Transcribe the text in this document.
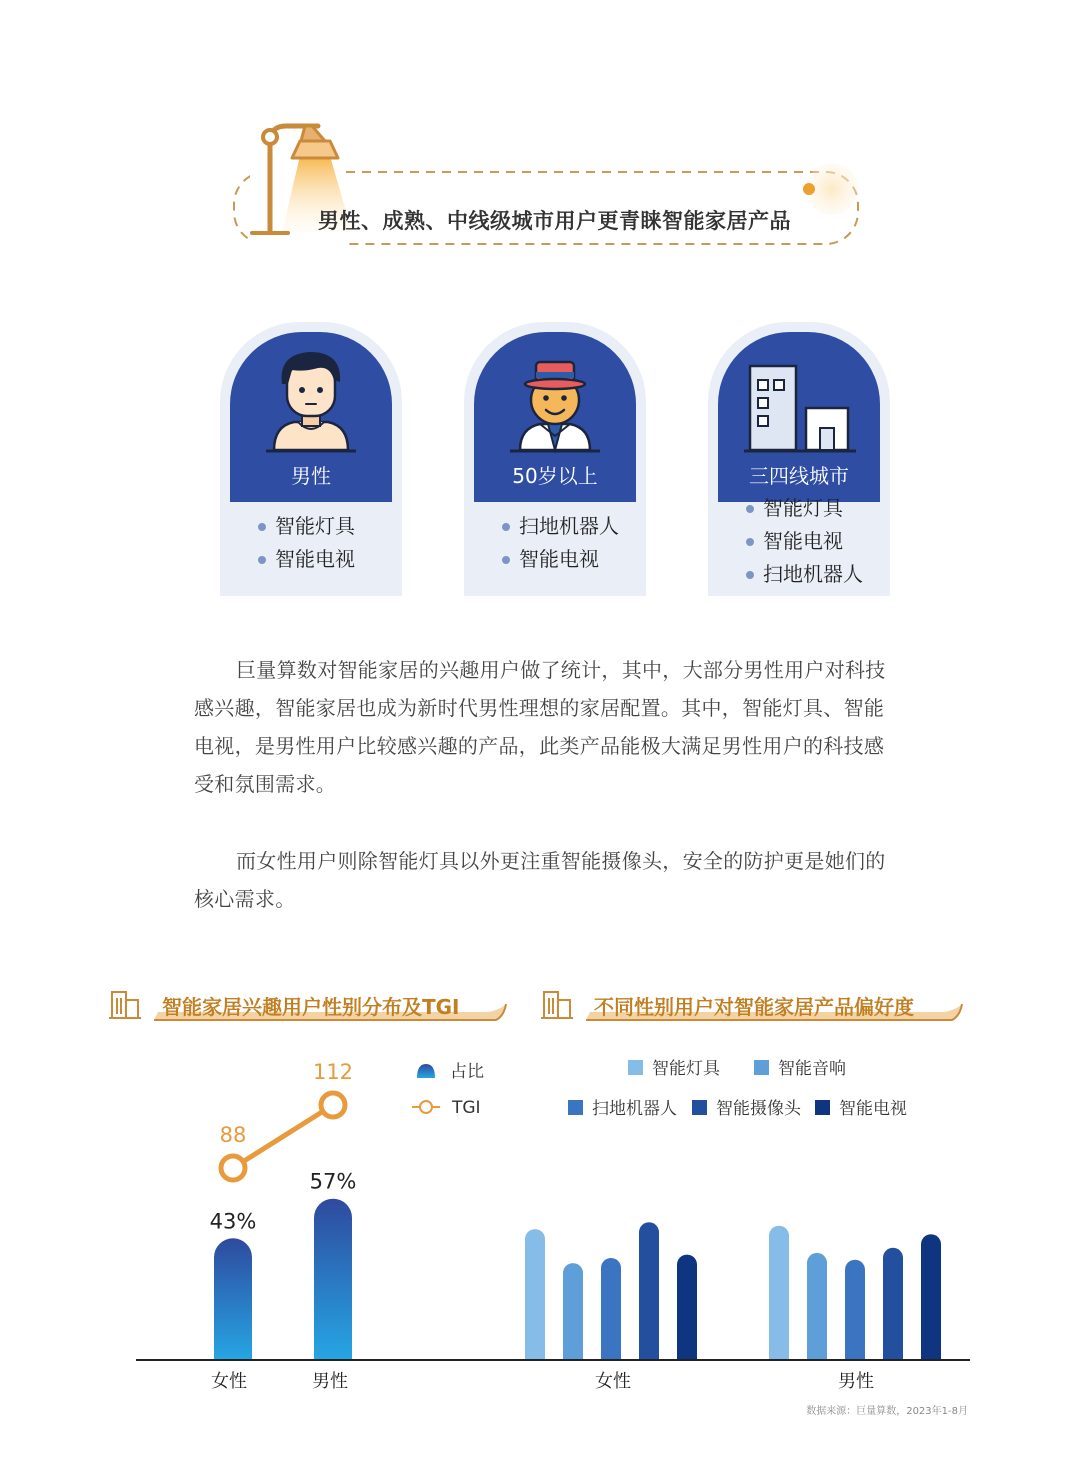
男性、成熟、中线级城市用户更青睐智能家居产品
男性
智能灯具
智能电视
50岁以上
扫地机器人
智能电视
三四线城市
智能灯具
智能电视
扫地机器人

巨量算数对智能家居的兴趣用户做了统计，其中，大部分男性用户对科技感兴趣，智能家居也成为新时代男性理想的家居配置。其中，智能灯具、智能电视，是男性用户比较感兴趣的产品，此类产品能极大满足男性用户的科技感受和氛围需求。

而女性用户则除智能灯具以外更注重智能摄像头，安全的防护更是她们的核心需求。

智能家居兴趣用户性别分布及TGI	不同性别用户对智能家居产品偏好度
43%
57%
88
112	占比
TGI
智能灯具	智能音响
扫地机器人 智能摄像头 智能电视
女性	男性	女性	男性
数据来源：巨量算数，2023年1-8月
